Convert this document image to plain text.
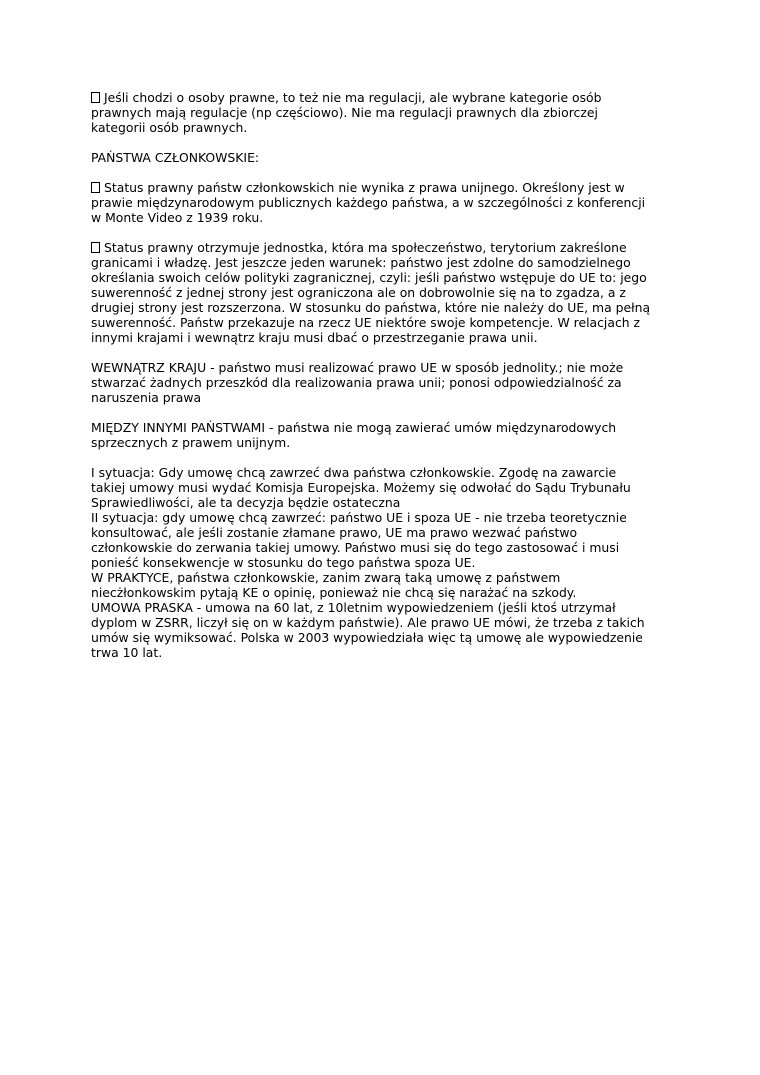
Jeśli chodzi o osoby prawne, to też nie ma regulacji, ale wybrane kategorie osób
prawnych mają regulacje (np częściowo). Nie ma regulacji prawnych dla zbiorczej
kategorii osób prawnych.
PAŃSTWA CZŁONKOWSKIE:
Status prawny państw członkowskich nie wynika z prawa unijnego. Określony jest w
prawie międzynarodowym publicznych każdego państwa, a w szczególności z konferencji
w Monte Video z 1939 roku.
Status prawny otrzymuje jednostka, która ma społeczeństwo, terytorium zakreślone
granicami i władzę. Jest jeszcze jeden warunek: państwo jest zdolne do samodzielnego
określania swoich celów polityki zagranicznej, czyli: jeśli państwo wstępuje do UE to: jego
suwerenność z jednej strony jest ograniczona ale on dobrowolnie się na to zgadza, a z
drugiej strony jest rozszerzona. W stosunku do państwa, które nie należy do UE, ma pełną
suwerenność. Państw przekazuje na rzecz UE niektóre swoje kompetencje. W relacjach z
innymi krajami i wewnątrz kraju musi dbać o przestrzeganie prawa unii.
WEWNĄTRZ KRAJU - państwo musi realizować prawo UE w sposób jednolity.; nie może
stwarzać żadnych przeszkód dla realizowania prawa unii; ponosi odpowiedzialność za
naruszenia prawa
MIĘDZY INNYMI PAŃSTWAMI - państwa nie mogą zawierać umów międzynarodowych
sprzecznych z prawem unijnym.
I sytuacja: Gdy umowę chcą zawrzeć dwa państwa członkowskie. Zgodę na zawarcie
takiej umowy musi wydać Komisja Europejska. Możemy się odwołać do Sądu Trybunału
Sprawiedliwości, ale ta decyzja będzie ostateczna
II sytuacja: gdy umowę chcą zawrzeć: państwo UE i spoza UE - nie trzeba teoretycznie
konsultować, ale jeśli zostanie złamane prawo, UE ma prawo wezwać państwo
członkowskie do zerwania takiej umowy. Państwo musi się do tego zastosować i musi
ponieść konsekwencje w stosunku do tego państwa spoza UE.
W PRAKTYCE, państwa członkowskie, zanim zwarą taką umowę z państwem
niecżłonkowskim pytają KE o opinię, ponieważ nie chcą się narażać na szkody.
UMOWA PRASKA - umowa na 60 lat, z 10letnim wypowiedzeniem (jeśli ktoś utrzymał
dyplom w ZSRR, liczył się on w każdym państwie). Ale prawo UE mówi, że trzeba z takich
umów się wymiksować. Polska w 2003 wypowiedziała więc tą umowę ale wypowiedzenie
trwa 10 lat.
